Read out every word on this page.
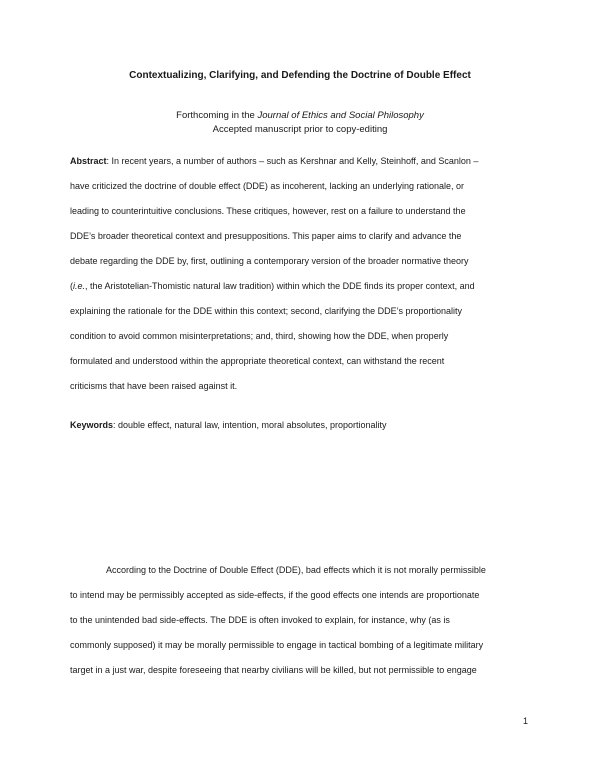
Contextualizing, Clarifying, and Defending the Doctrine of Double Effect
Forthcoming in the Journal of Ethics and Social Philosophy
Accepted manuscript prior to copy-editing
Abstract: In recent years, a number of authors – such as Kershnar and Kelly, Steinhoff, and Scanlon –
have criticized the doctrine of double effect (DDE) as incoherent, lacking an underlying rationale, or
leading to counterintuitive conclusions. These critiques, however, rest on a failure to understand the
DDE’s broader theoretical context and presuppositions. This paper aims to clarify and advance the
debate regarding the DDE by, first, outlining a contemporary version of the broader normative theory
(i.e., the Aristotelian-Thomistic natural law tradition) within which the DDE finds its proper context, and
explaining the rationale for the DDE within this context; second, clarifying the DDE’s proportionality
condition to avoid common misinterpretations; and, third, showing how the DDE, when properly
formulated and understood within the appropriate theoretical context, can withstand the recent
criticisms that have been raised against it.
Keywords: double effect, natural law, intention, moral absolutes, proportionality
According to the Doctrine of Double Effect (DDE), bad effects which it is not morally permissible
to intend may be permissibly accepted as side-effects, if the good effects one intends are proportionate
to the unintended bad side-effects. The DDE is often invoked to explain, for instance, why (as is
commonly supposed) it may be morally permissible to engage in tactical bombing of a legitimate military
target in a just war, despite foreseeing that nearby civilians will be killed, but not permissible to engage
1
